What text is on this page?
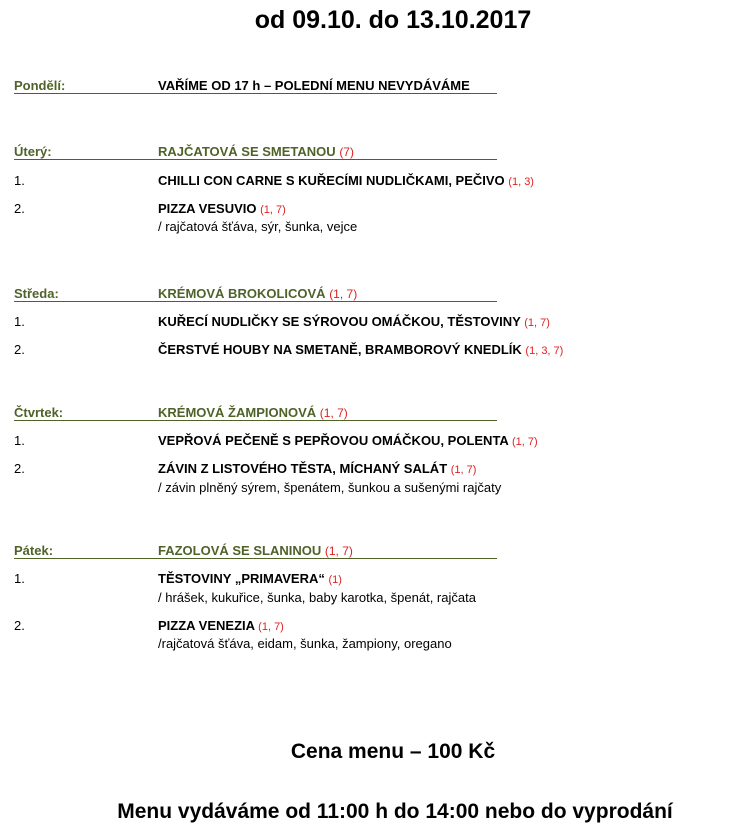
od 09.10. do 13.10.2017
Pondělí:	VAŘÍME OD 17 h – POLEDNÍ MENU NEVYDÁVÁME
Úterý:	RAJČATOVÁ SE SMETANOU (7)
1.	CHILLI CON CARNE S KUŘECÍMI NUDLIČKAMI, PEČIVO (1, 3)
2.	PIZZA VESUVIO (1, 7)
/ rajčatová šťáva, sýr, šunka, vejce
Středa:	KRÉMOVÁ BROKOLICOVÁ (1, 7)
1.	KUŘECÍ NUDLIČKY SE SÝROVOU OMÁČKOU, TĚSTOVINY (1, 7)
2.	ČERSTVÉ HOUBY NA SMETANĚ, BRAMBOROVÝ KNEDLÍK (1, 3, 7)
Čtvrtek:	KRÉMOVÁ ŽAMPIONOVÁ (1, 7)
1.	VEPŘOVÁ PEČENĚ S PEPŘOVOU OMÁČKOU, POLENTA (1, 7)
2.	ZÁVIN Z LISTOVÉHO TĚSTA, MÍCHANÝ SALÁT (1, 7)
/ závin plněný sýrem, špenátem, šunkou a sušenými rajčaty
Pátek:	FAZOLOVÁ SE SLANINOU (1, 7)
1.	TĚSTOVINY „PRIMAVERA“ (1)
/ hrášek, kukuřice, šunka, baby karotka, špenát, rajčata
2.	PIZZA VENEZIA (1, 7)
/rajčatová šťáva, eidam, šunka, žampiony, oregano
Cena menu – 100 Kč
Menu vydáváme od 11:00 h do 14:00 nebo do vyprodání
